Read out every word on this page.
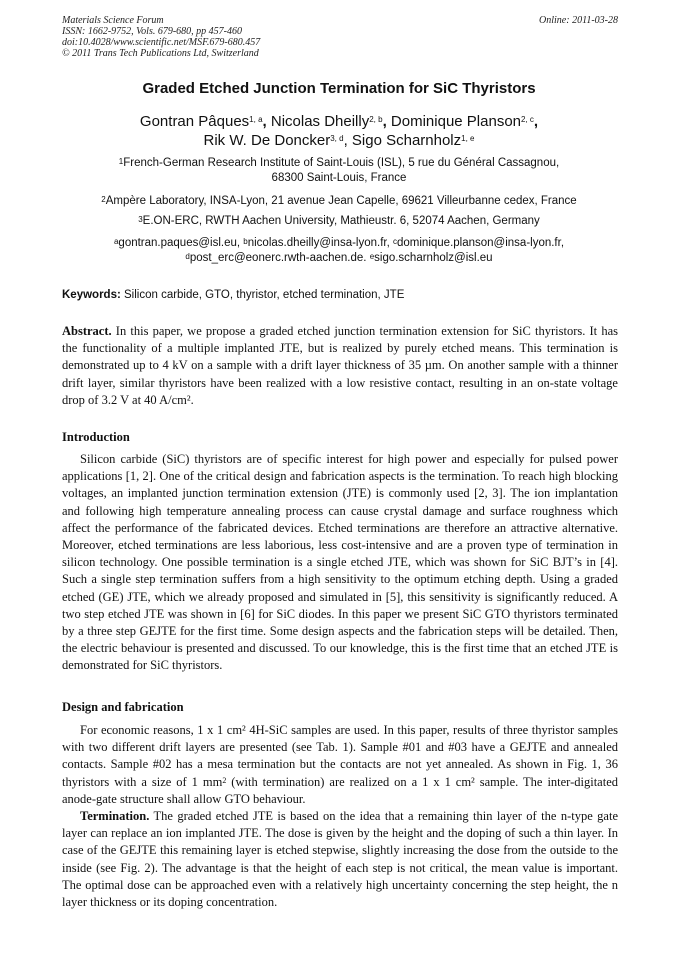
Materials Science Forum
ISSN: 1662-9752, Vols. 679-680, pp 457-460
doi:10.4028/www.scientific.net/MSF.679-680.457
© 2011 Trans Tech Publications Ltd, Switzerland
Online: 2011-03-28
Graded Etched Junction Termination for SiC Thyristors
Gontran Pâques$^{1, a}$, Nicolas Dheilly$^{2, b}$, Dominique Planson$^{2, c}$,
Rik W. De Doncker$^{3, d}$, Sigo Scharnholz$^{1, e}$
$^1$French-German Research Institute of Saint-Louis (ISL), 5 rue du Général Cassagnou,
68300 Saint-Louis, France
$^2$Ampère Laboratory, INSA-Lyon, 21 avenue Jean Capelle, 69621 Villeurbanne cedex, France
$^3$E.ON-ERC, RWTH Aachen University, Mathieustr. 6, 52074 Aachen, Germany
$^a$gontran.paques@isl.eu, $^b$nicolas.dheilly@insa-lyon.fr, $^c$dominique.planson@insa-lyon.fr,
$^d$post_erc@eonerc.rwth-aachen.de. $^e$sigo.scharnholz@isl.eu
Keywords: Silicon carbide, GTO, thyristor, etched termination, JTE

Abstract. In this paper, we propose a graded etched junction termination extension for SiC thyristors. It has the functionality of a multiple implanted JTE, but is realized by purely etched means. This termination is demonstrated up to 4 kV on a sample with a drift layer thickness of 35 µm. On another sample with a thinner drift layer, similar thyristors have been realized with a low resistive contact, resulting in an on-state voltage drop of 3.2 V at 40 A/cm².

Introduction

Silicon carbide (SiC) thyristors are of specific interest for high power and especially for pulsed power applications [1, 2]. One of the critical design and fabrication aspects is the termination. To reach high blocking voltages, an implanted junction termination extension (JTE) is commonly used [2, 3]. The ion implantation and following high temperature annealing process can cause crystal damage and surface roughness which affect the performance of the fabricated devices. Etched terminations are therefore an attractive alternative. Moreover, etched terminations are less laborious, less cost-intensive and are a proven type of termination in silicon technology. One possible termination is a single etched JTE, which was shown for SiC BJT’s in [4]. Such a single step termination suffers from a high sensitivity to the optimum etching depth. Using a graded etched (GE) JTE, which we already proposed and simulated in [5], this sensitivity is significantly reduced. A two step etched JTE was shown in [6] for SiC diodes. In this paper we present SiC GTO thyristors terminated by a three step GEJTE for the first time. Some design aspects and the fabrication steps will be detailed. Then, the electric behaviour is presented and discussed. To our knowledge, this is the first time that an etched JTE is demonstrated for SiC thyristors.

Design and fabrication

For economic reasons, 1 x 1 cm² 4H-SiC samples are used. In this paper, results of three thyristor samples with two different drift layers are presented (see Tab. 1). Sample #01 and #03 have a GEJTE and annealed contacts. Sample #02 has a mesa termination but the contacts are not yet annealed. As shown in Fig. 1, 36 thyristors with a size of 1 $mm^2$ (with termination) are realized on a 1 x 1 cm² sample. The inter-digitated anode-gate structure shall allow GTO behaviour.

Termination. The graded etched JTE is based on the idea that a remaining thin layer of the n-type gate layer can replace an ion implanted JTE. The dose is given by the height and the doping of such a thin layer. In case of the GEJTE this remaining layer is etched stepwise, slightly increasing the dose from the outside to the inside (see Fig. 2). The advantage is that the height of each step is not critical, the mean value is important. The optimal dose can be approached even with a relatively high uncertainty concerning the step height, the n layer thickness or its doping concentration.
